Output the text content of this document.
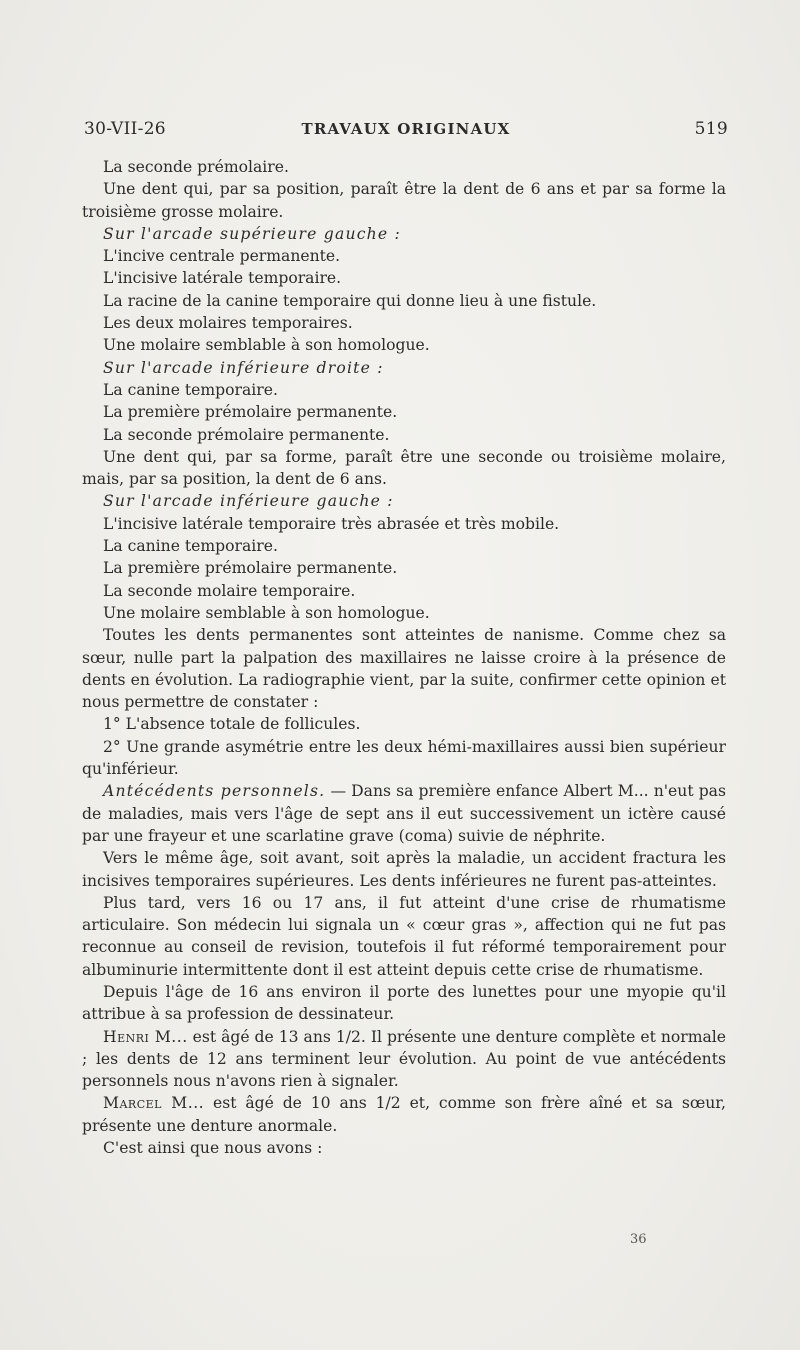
30-VII-26	TRAVAUX ORIGINAUX	519

La seconde prémolaire.

Une dent qui, par sa position, paraît être la dent de 6 ans et par sa forme la troisième grosse molaire.

Sur l'arcade supérieure gauche :

L'incive centrale permanente.

L'incisive latérale temporaire.

La racine de la canine temporaire qui donne lieu à une fistule.

Les deux molaires temporaires.

Une molaire semblable à son homologue.

Sur l'arcade inférieure droite :

La canine temporaire.

La première prémolaire permanente.

La seconde prémolaire permanente.

Une dent qui, par sa forme, paraît être une seconde ou troisième molaire, mais, par sa position, la dent de 6 ans.

Sur l'arcade inférieure gauche :

L'incisive latérale temporaire très abrasée et très mobile.

La canine temporaire.

La première prémolaire permanente.

La seconde molaire temporaire.

Une molaire semblable à son homologue.

Toutes les dents permanentes sont atteintes de nanisme. Comme chez sa sœur, nulle part la palpation des maxillaires ne laisse croire à la présence de dents en évolution. La radiographie vient, par la suite, confirmer cette opinion et nous permettre de constater :

1° L'absence totale de follicules.

2° Une grande asymétrie entre les deux hémi-maxillaires aussi bien supérieur qu'inférieur.

Antécédents personnels. — Dans sa première enfance Albert M... n'eut pas de maladies, mais vers l'âge de sept ans il eut successivement un ictère causé par une frayeur et une scarlatine grave (coma) suivie de néphrite.

Vers le même âge, soit avant, soit après la maladie, un accident fractura les incisives temporaires supérieures. Les dents inférieures ne furent pas-atteintes.

Plus tard, vers 16 ou 17 ans, il fut atteint d'une crise de rhumatisme articulaire. Son médecin lui signala un « cœur gras », affection qui ne fut pas reconnue au conseil de revision, toutefois il fut réformé temporairement pour albuminurie intermittente dont il est atteint depuis cette crise de rhumatisme.

Depuis l'âge de 16 ans environ il porte des lunettes pour une myopie qu'il attribue à sa profession de dessinateur.

Henri M... est âgé de 13 ans 1/2. Il présente une denture complète et normale ; les dents de 12 ans terminent leur évolution. Au point de vue antécédents personnels nous n'avons rien à signaler.

Marcel M... est âgé de 10 ans 1/2 et, comme son frère aîné et sa sœur, présente une denture anormale.

C'est ainsi que nous avons :

36
